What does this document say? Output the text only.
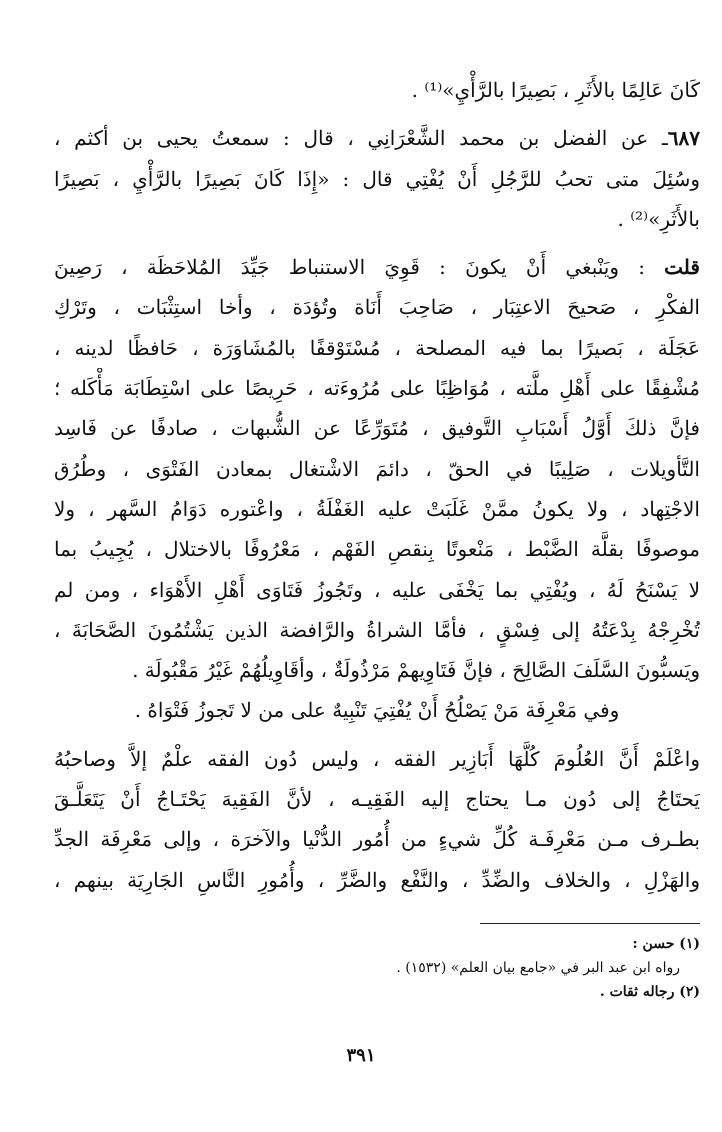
كَانَ عَالِمًا بالأَثَرِ ، بَصِيرًا بالرَّأْيِ»⁽¹⁾ .
٦٨٧ـ عن الفضل بن محمد الشَّعْرَانِي ، قال : سمعتُ يحيى بن أكثم ،
وسُئِلَ متى تحبُ للرَّجُلِ أَنْ يُفْتِي قال : «إِذَا كَانَ بَصِيرًا بالرَّأْيِ ، بَصِيرًا
بالأَثَرِ»⁽²⁾ .
قلت : ويَنْبغي أَنْ يكونَ : قَوِيَ الاستنباط جَيِّدَ المُلاحَظَة ، رَصِينَ
الفكْرِ ، صَحيحَ الاعتِبَار ، صَاحِبَ أَنَاة وتُؤدَة ، وأخا استِثْبَات ، وتَرْكِ
عَجَلَة ، بَصيرًا بما فيه المصلحة ، مُسْتَوْقفًا بالمُشَاوَرَة ، حَافظًا لدينه ،
مُشْفِقًا على أَهْلِ ملَّته ، مُوَاظِبًا على مُرُوءَته ، حَرِيصًا على اسْتِطَابَة مَأْكَله ؛
فإنَّ ذلكَ أَوَّلُ أَسْبَابِ التَّوفيق ، مُتَوَرِّعًا عن الشُّبهات ، صادفًا عن فَاسِد
التَّأويلات ، صَلِيبًا في الحقّ ، دائمَ الاشْتغال بمعادن الفَتْوَى ، وطُرُق
الاجْتِهاد ، ولا يكونُ ممَّنْ غَلَبَتْ عليه الغَفْلَةُ ، واعْتوره دَوَامُ السَّهر ، ولا
موصوفًا بقلَّة الضَّبْط ، مَنْعوتًا بِنقصِ الفَهْم ، مَعْرُوفًا بالاختلال ، يُجِيبُ بما
لا يَسْنَحُ لَهُ ، ويُفْتِي بما يَخْفَى عليه ، وتَجُوزُ فَتَاوَى أَهْلِ الأَهْوَاء ، ومن لم
تُخْرِجْهُ بِدْعَتُهُ إلى فِسْقٍ ، فأمَّا الشراةُ والرَّافضة الذين يَشْتُمُونَ الصَّحَابَةَ ،
ويَسبُّونَ السَّلَفَ الصَّالِحَ ، فإنَّ فَتَاوِيهمْ مَرْذُولَةٌ ، وأقَاوِيلُهُمْ غَيْرُ مَقْبُولَة .
وفي مَعْرِفَة مَنْ يَصْلُحُ أَنْ يُفْتِيَ تَنْبِيهٌ على من لا تَجوزُ فَتْوَاهُ .
واعْلَمْ أَنَّ العُلُومَ كُلَّهَا أَبَازِير الفقه ، وليس دُون الفقه علْمٌ إلاَّ وصاحبُهُ
يَحتَاجُ إلى دُون مـا يحتاج إليه الفَقِيـه ، لأنَّ الفَقِيهَ يَحْتَـاجُ أَنْ يَتَعَلَّـقَ
بطـرف مـن مَعْرِفَـة كُلِّ شيءٍ من أُمُور الدُّنْيا والآخرَة ، وإلى مَعْرِفَة الجدِّ
والهَزْلِ ، والخلاف والضِّدِّ ، والنَّفْع والضَّرِّ ، وأُمُورِ النَّاسِ الجَارِيَة بينهم ،
(١) حسن :
رواه ابن عبد البر في «جامع بيان العلم» (١٥٣٢) .
(٢) رجاله ثقات .
٣٩١
